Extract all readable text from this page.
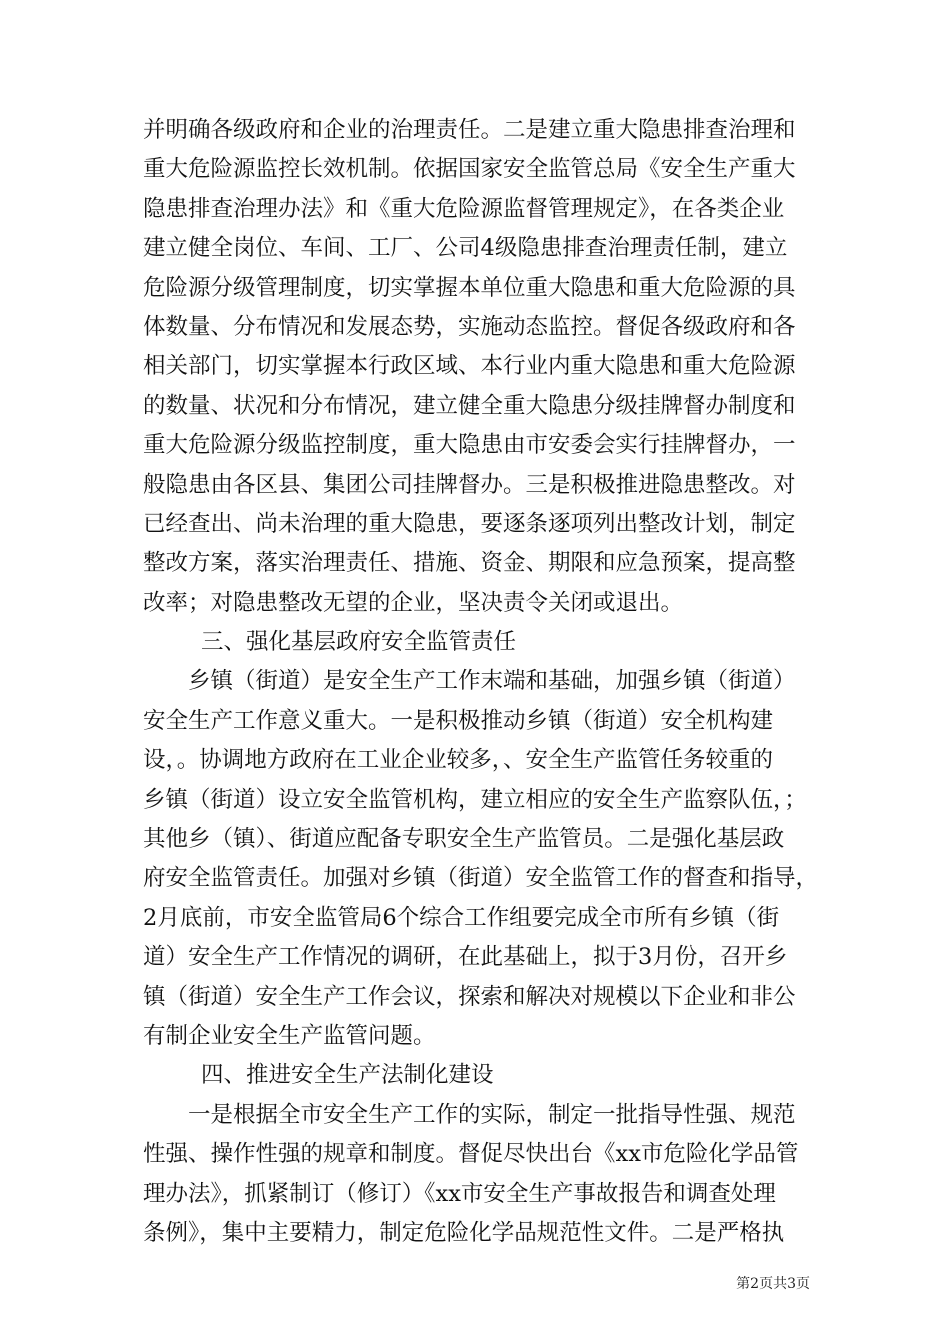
并明确各级政府和企业的治理责任。二是建立重大隐患排查治理和
重大危险源监控长效机制。依据国家安全监管总局《安全生产重大
隐患排查治理办法》和《重大危险源监督管理规定》，在各类企业
建立健全岗位、车间、工厂、公司4级隐患排查治理责任制，建立
危险源分级管理制度，切实掌握本单位重大隐患和重大危险源的具
体数量、分布情况和发展态势，实施动态监控。督促各级政府和各
相关部门，切实掌握本行政区域、本行业内重大隐患和重大危险源
的数量、状况和分布情况，建立健全重大隐患分级挂牌督办制度和
重大危险源分级监控制度，重大隐患由市安委会实行挂牌督办，一
般隐患由各区县、集团公司挂牌督办。三是积极推进隐患整改。对
已经查出、尚未治理的重大隐患，要逐条逐项列出整改计划，制定
整改方案，落实治理责任、措施、资金、期限和应急预案，提高整
改率；对隐患整改无望的企业，坚决责令关闭或退出。
三、强化基层政府安全监管责任
乡镇（街道）是安全生产工作末端和基础，加强乡镇（街道）
安全生产工作意义重大。一是积极推动乡镇（街道）安全机构建
设，。协调地方政府在工业企业较多，、安全生产监管任务较重的
乡镇（街道）设立安全监管机构，建立相应的安全生产监察队伍，；
其他乡（镇）、街道应配备专职安全生产监管员。二是强化基层政
府安全监管责任。加强对乡镇（街道）安全监管工作的督查和指导，
2月底前，市安全监管局6个综合工作组要完成全市所有乡镇（街
道）安全生产工作情况的调研，在此基础上，拟于3月份，召开乡
镇（街道）安全生产工作会议，探索和解决对规模以下企业和非公
有制企业安全生产监管问题。
四、推进安全生产法制化建设
一是根据全市安全生产工作的实际，制定一批指导性强、规范
性强、操作性强的规章和制度。督促尽快出台《xx市危险化学品管
理办法》，抓紧制订（修订）《xx市安全生产事故报告和调查处理
条例》，集中主要精力，制定危险化学品规范性文件。二是严格执
第2页共3页
